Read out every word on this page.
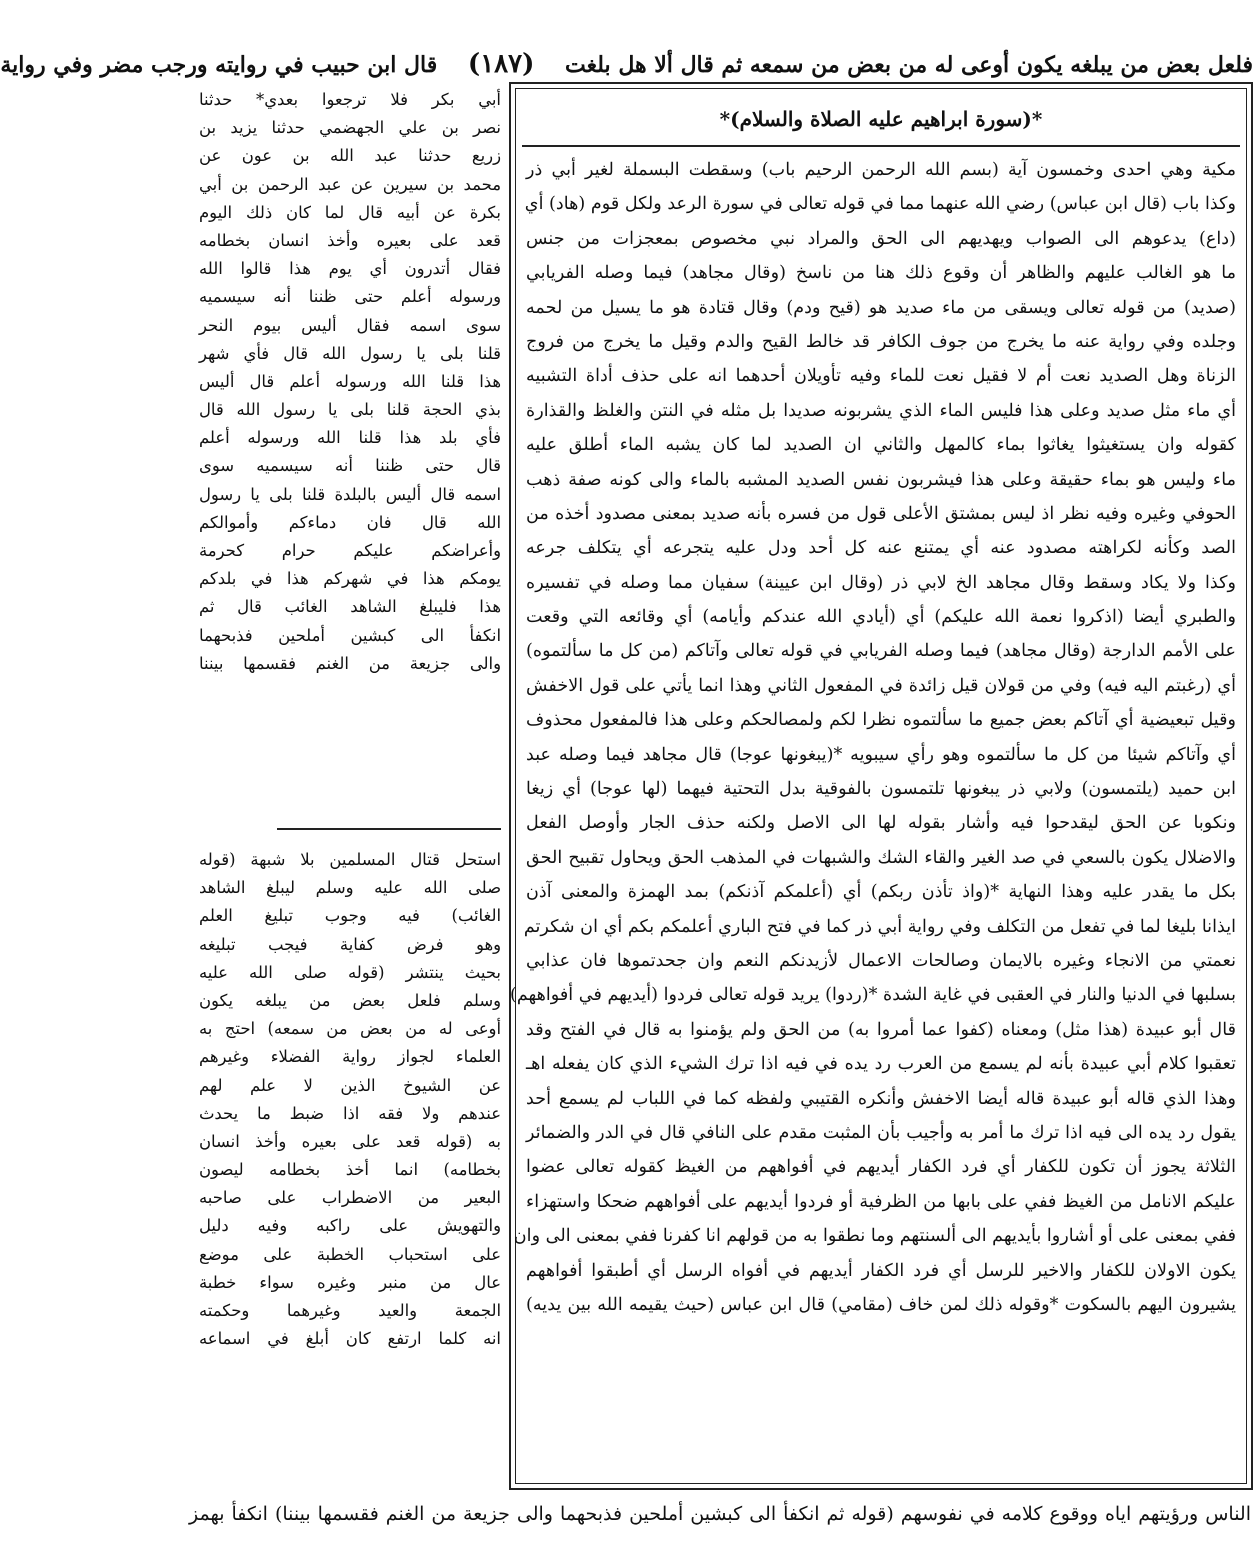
فلعل بعض من يبلغه يكون أوعى له من بعض من سمعه ثم قال ألا هل بلغت    (١٨٧)    قال ابن حبيب في روايته ورجب مضر وفي رواية
أبي بكر فلا ترجعوا بعدي* حدثنا
نصر بن علي الجهضمي حدثنا يزيد بن
زريع حدثنا عبد الله بن عون عن
محمد بن سيرين عن عبد الرحمن بن أبي
بكرة عن أبيه قال لما كان ذلك اليوم
قعد على بعيره وأخذ انسان بخطامه
فقال أتدرون أي يوم هذا قالوا الله
ورسوله أعلم حتى ظننا أنه سيسميه
سوى اسمه فقال أليس بيوم النحر
قلنا بلى يا رسول الله قال فأي شهر
هذا قلنا الله ورسوله أعلم قال أليس
بذي الحجة قلنا بلى يا رسول الله قال
فأي بلد هذا قلنا الله ورسوله أعلم
قال حتى ظننا أنه سيسميه سوى
اسمه قال أليس بالبلدة قلنا بلى يا رسول
الله قال فان دماءكم وأموالكم
وأعراضكم عليكم حرام كحرمة
يومكم هذا في شهركم هذا في بلدكم
هذا فليبلغ الشاهد الغائب قال ثم
انكفأ الى كبشين أملحين فذبحهما
والى جزيعة من الغنم فقسمها بيننا
استحل قتال المسلمين بلا شبهة (قوله
صلى الله عليه وسلم ليبلغ الشاهد
الغائب) فيه وجوب تبليغ العلم
وهو فرض كفاية فيجب تبليغه
بحيث ينتشر (قوله صلى الله عليه
وسلم فلعل بعض من يبلغه يكون
أوعى له من بعض من سمعه) احتج به
العلماء لجواز رواية الفضلاء وغيرهم
عن الشيوخ الذين لا علم لهم
عندهم ولا فقه اذا ضبط ما يحدث
به (قوله قعد على بعيره وأخذ انسان
بخطامه) انما أخذ بخطامه ليصون
البعير من الاضطراب على صاحبه
والتهويش على راكبه وفيه دليل
على استحباب الخطبة على موضع
عال من منبر وغيره سواء خطبة
الجمعة والعيد وغيرهما وحكمته
انه كلما ارتفع كان أبلغ في اسماعه
*(سورة ابراهيم عليه الصلاة والسلام)*
مكية وهي احدى وخمسون آية (بسم الله الرحمن الرحيم باب) وسقطت البسملة لغير أبي ذر
وكذا باب (قال ابن عباس) رضي الله عنهما مما في قوله تعالى في سورة الرعد ولكل قوم (هاد) أي
(داع) يدعوهم الى الصواب ويهديهم الى الحق والمراد نبي مخصوص بمعجزات من جنس
ما هو الغالب عليهم والظاهر أن وقوع ذلك هنا من ناسخ (وقال مجاهد) فيما وصله الفريابي
(صديد) من قوله تعالى ويسقى من ماء صديد هو (قيح ودم) وقال قتادة هو ما يسيل من لحمه
وجلده وفي رواية عنه ما يخرج من جوف الكافر قد خالط القيح والدم وقيل ما يخرج من فروج
الزناة وهل الصديد نعت أم لا فقيل نعت للماء وفيه تأويلان أحدهما انه على حذف أداة التشبيه
أي ماء مثل صديد وعلى هذا فليس الماء الذي يشربونه صديدا بل مثله في النتن والغلظ والقذارة
كقوله وان يستغيثوا يغاثوا بماء كالمهل والثاني ان الصديد لما كان يشبه الماء أطلق عليه
ماء وليس هو بماء حقيقة وعلى هذا فيشربون نفس الصديد المشبه بالماء والى كونه صفة ذهب
الحوفي وغيره وفيه نظر اذ ليس بمشتق الأعلى قول من فسره بأنه صديد بمعنى مصدود أخذه من
الصد وكأنه لكراهته مصدود عنه أي يمتنع عنه كل أحد ودل عليه يتجرعه أي يتكلف جرعه
وكذا ولا يكاد وسقط وقال مجاهد الخ لابي ذر (وقال ابن عيينة) سفيان مما وصله في تفسيره
والطبري أيضا (اذكروا نعمة الله عليكم) أي (أيادي الله عندكم وأيامه) أي وقائعه التي وقعت
على الأمم الدارجة (وقال مجاهد) فيما وصله الفريابي في قوله تعالى وآتاكم (من كل ما سألتموه)
أي (رغبتم اليه فيه) وفي من قولان قيل زائدة في المفعول الثاني وهذا انما يأتي على قول الاخفش
وقيل تبعيضية أي آتاكم بعض جميع ما سألتموه نظرا لكم ولمصالحكم وعلى هذا فالمفعول محذوف
أي وآتاكم شيئا من كل ما سألتموه وهو رأي سيبويه *(يبغونها عوجا) قال مجاهد فيما وصله عبد
ابن حميد (يلتمسون) ولابي ذر يبغونها تلتمسون بالفوقية بدل التحتية فيهما (لها عوجا) أي زيغا
ونكوبا عن الحق ليقدحوا فيه وأشار بقوله لها الى الاصل ولكنه حذف الجار وأوصل الفعل
والاضلال يكون بالسعي في صد الغير والقاء الشك والشبهات في المذهب الحق ويحاول تقبيح الحق
بكل ما يقدر عليه وهذا النهاية *(واذ تأذن ربكم) أي (أعلمكم آذنكم) بمد الهمزة والمعنى آذن
ايذانا بليغا لما في تفعل من التكلف وفي رواية أبي ذر كما في فتح الباري أعلمكم بكم أي ان شكرتم
نعمتي من الانجاء وغيره بالايمان وصالحات الاعمال لأزيدنكم النعم وان جحدتموها فان عذابي
بسلبها في الدنيا والنار في العقبى في غاية الشدة *(ردوا) يريد قوله تعالى فردوا (أيديهم في أفواههم)
قال أبو عبيدة (هذا مثل) ومعناه (كفوا عما أمروا به) من الحق ولم يؤمنوا به قال في الفتح وقد
تعقبوا كلام أبي عبيدة بأنه لم يسمع من العرب رد يده في فيه اذا ترك الشيء الذي كان يفعله اهـ
وهذا الذي قاله أبو عبيدة قاله أيضا الاخفش وأنكره القتيبي ولفظه كما في اللباب لم يسمع أحد
يقول رد يده الى فيه اذا ترك ما أمر به وأجيب بأن المثبت مقدم على النافي قال في الدر والضمائر
الثلاثة يجوز أن تكون للكفار أي فرد الكفار أيديهم في أفواههم من الغيظ كقوله تعالى عضوا
عليكم الانامل من الغيظ ففي على بابها من الظرفية أو فردوا أيديهم على أفواههم ضحكا واستهزاء
ففي بمعنى على أو أشاروا بأيديهم الى ألسنتهم وما نطقوا به من قولهم انا كفرنا ففي بمعنى الى وان
يكون الاولان للكفار والاخير للرسل أي فرد الكفار أيديهم في أفواه الرسل أي أطبقوا أفواههم
يشيرون اليهم بالسكوت *وقوله ذلك لمن خاف (مقامي) قال ابن عباس (حيث يقيمه الله بين يديه)
الناس ورؤيتهم اياه ووقوع كلامه في نفوسهم (قوله ثم انكفأ الى كبشين أملحين فذبحهما والى جزيعة من الغنم فقسمها بيننا) انكفأ بهمز
